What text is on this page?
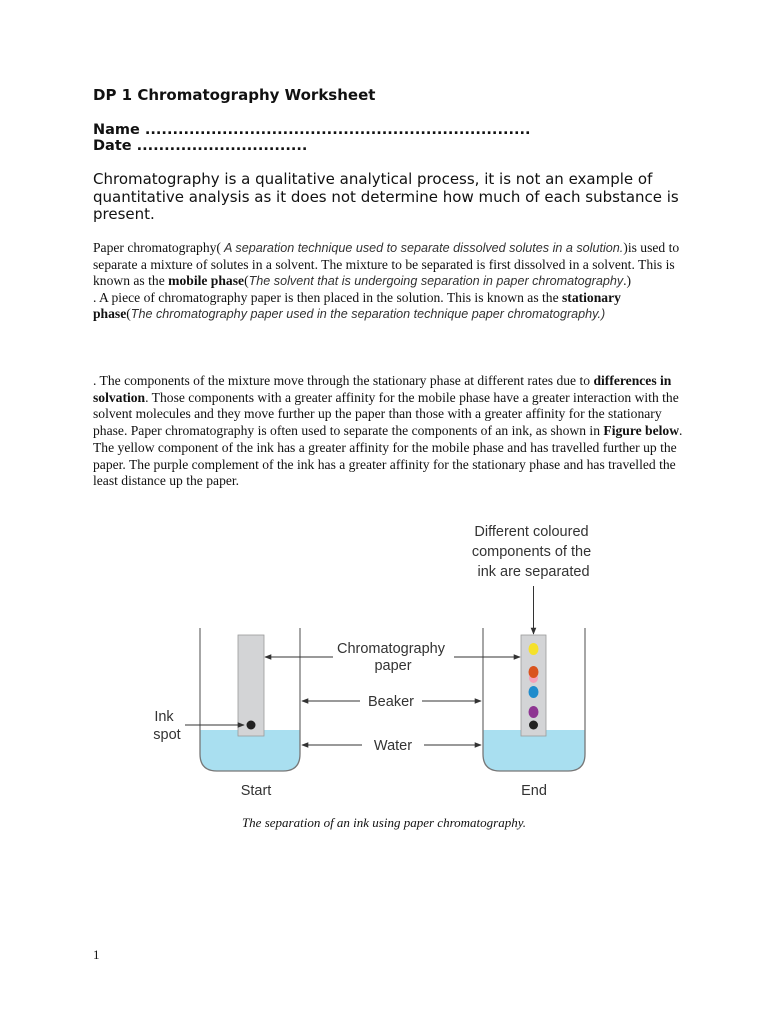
DP 1 Chromatography Worksheet
Name ......................................................................
Date ...............................

Chromatography is a qualitative analytical process, it is not an example of quantitative analysis as it does not determine how much of each substance is present.

Paper chromatography( A separation technique used to separate dissolved solutes in a solution.)is used to separate a mixture of solutes in a solvent. The mixture to be separated is first dissolved in a solvent. This is known as the mobile phase(The solvent that is undergoing separation in paper chromatography.)
. A piece of chromatography paper is then placed in the solution. This is known as the stationary phase(The chromatography paper used in the separation technique paper chromatography.)

. The components of the mixture move through the stationary phase at different rates due to differences in solvation. Those components with a greater affinity for the mobile phase have a greater interaction with the solvent molecules and they move further up the paper than those with a greater affinity for the stationary phase. Paper chromatography is often used to separate the components of an ink, as shown in Figure below. The yellow component of the ink has a greater affinity for the mobile phase and has travelled further up the paper. The purple complement of the ink has a greater affinity for the stationary phase and has travelled the least distance up the paper.

Different coloured components of the ink are separated
Chromatography paper
Beaker
Ink spot
Water
Start	End

The separation of an ink using paper chromatography.

1
